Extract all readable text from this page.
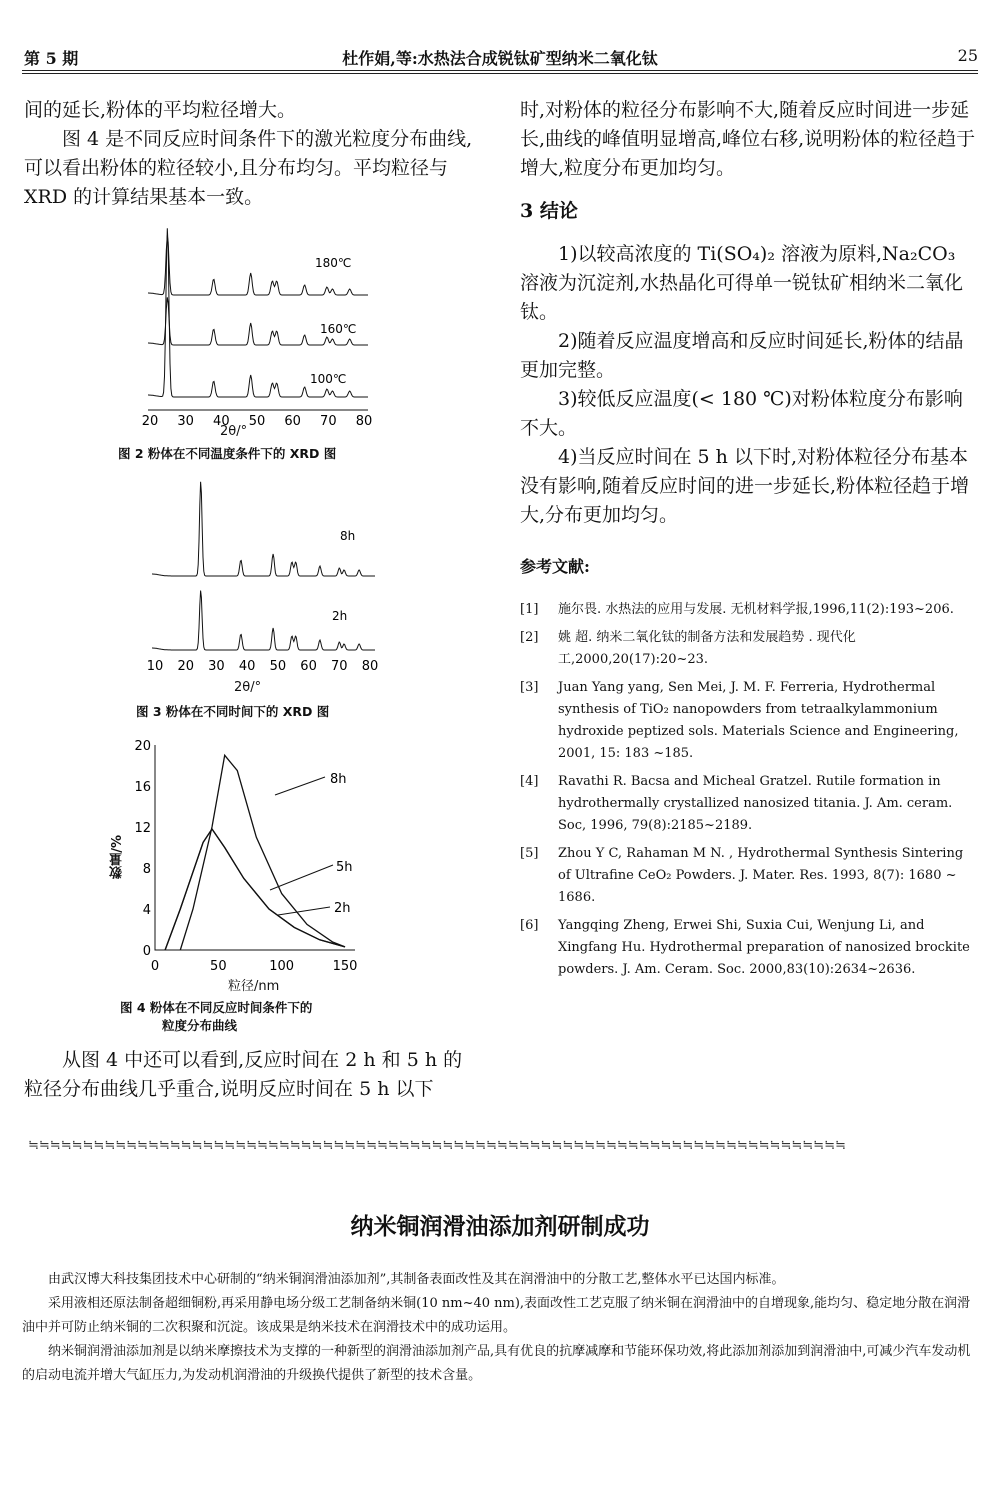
第 5 期	杜作娟,等:水热法合成锐钛矿型纳米二氧化钛	25

间的延长,粉体的平均粒径增大。

图 4 是不同反应时间条件下的激光粒度分布曲线,可以看出粉体的粒径较小,且分布均匀。平均粒径与 XRD 的计算结果基本一致。

180℃
160℃
100℃
20 30 40 50 60 70 80
2θ/°
图 2 粉体在不同温度条件下的 XRD 图
8h
2h
10 20 30 40 50 60 70 80
2θ/°
图 3 粉体在不同时间下的 XRD 图
0
4
8
12
16
20
0	50	100	150
8h
5h
2h
数量/%
粒径/nm
图 4 粉体在不同反应时间条件下的
粒度分布曲线

从图 4 中还可以看到,反应时间在 2 h 和 5 h 的粒径分布曲线几乎重合,说明反应时间在 5 h 以下

时,对粉体的粒径分布影响不大,随着反应时间进一步延长,曲线的峰值明显增高,峰位右移,说明粉体的粒径趋于增大,粒度分布更加均匀。

3 结论

1)以较高浓度的 Ti(SO₄)₂ 溶液为原料,Na₂CO₃ 溶液为沉淀剂,水热晶化可得单一锐钛矿相纳米二氧化钛。

2)随着反应温度增高和反应时间延长,粉体的结晶更加完整。

3)较低反应温度(< 180 ℃)对粉体粒度分布影响不大。

4)当反应时间在 5 h 以下时,对粉体粒径分布基本没有影响,随着反应时间的进一步延长,粉体粒径趋于增大,分布更加均匀。

参考文献:

[1] 施尔畏. 水热法的应用与发展. 无机材料学报,1996,11(2):193~206.
[2] 姚 超. 纳米二氧化钛的制备方法和发展趋势 . 现代化工,2000,20(17):20~23.
[3] Juan Yang yang, Sen Mei, J. M. F. Ferreria, Hydrothermal synthesis of TiO₂ nanopowders from tetraalkylammonium hydroxide peptized sols. Materials Science and Engineering, 2001, 15: 183 ~185.
[4] Ravathi R. Bacsa and Micheal Gratzel. Rutile formation in hydrothermally crystallized nanosized titania. J. Am. ceram. Soc, 1996, 79(8):2185~2189.
[5] Zhou Y C, Rahaman M N. , Hydrothermal Synthesis Sintering of Ultrafine CeO₂ Powders. J. Mater. Res. 1993, 8(7): 1680 ~ 1686.
[6] Yangqing Zheng, Erwei Shi, Suxia Cui, Wenjung Li, and Xingfang Hu. Hydrothermal preparation of nanosized brockite powders. J. Am. Ceram. Soc. 2000,83(10):2634~2636.
≒≒≒≒≒≒≒≒≒≒≒≒≒≒≒≒≒≒≒≒≒≒≒≒≒≒≒≒≒≒≒≒≒≒≒≒≒≒≒≒≒≒≒≒≒≒≒≒≒≒≒≒≒≒≒≒≒≒≒≒≒≒≒≒≒≒≒≒≒≒≒≒≒≒≒
纳米铜润滑油添加剂研制成功

由武汉博大科技集团技术中心研制的“纳米铜润滑油添加剂”,其制备表面改性及其在润滑油中的分散工艺,整体水平已达国内标准。

采用液相还原法制备超细铜粉,再采用静电场分级工艺制备纳米铜(10 nm~40 nm),表面改性工艺克服了纳米铜在润滑油中的自增现象,能均匀、稳定地分散在润滑油中并可防止纳米铜的二次积聚和沉淀。该成果是纳米技术在润滑技术中的成功运用。

纳米铜润滑油添加剂是以纳米摩擦技术为支撑的一种新型的润滑油添加剂产品,具有优良的抗摩减摩和节能环保功效,将此添加剂添加到润滑油中,可减少汽车发动机的启动电流并增大气缸压力,为发动机润滑油的升级换代提供了新型的技术含量。
